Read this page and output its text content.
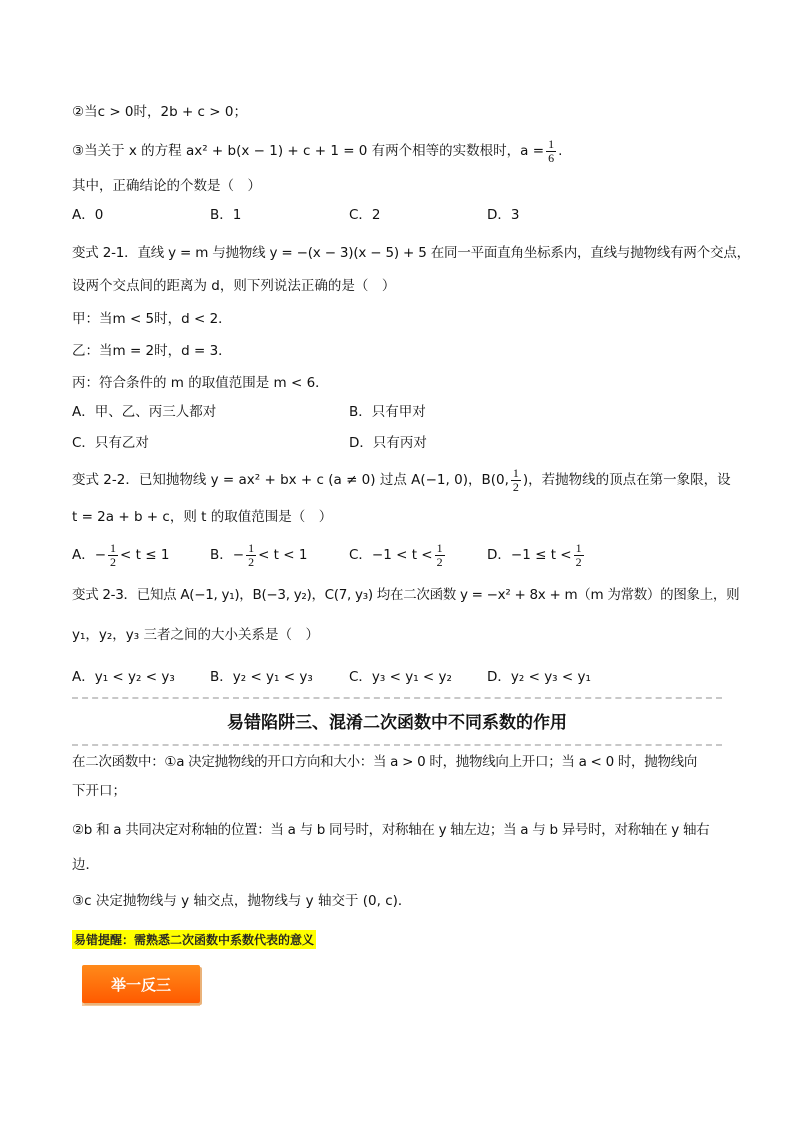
②当c > 0时，2b + c > 0；
③当关于 x 的方程 ax² + b(x − 1) + c + 1 = 0 有两个相等的实数根时，$a = \frac{1}{6}$ .
其中，正确结论的个数是（　）
A．0	B．1	C．2	D．3
变式 2-1．直线 y = m 与抛物线 y = −(x − 3)(x − 5) + 5 在同一平面直角坐标系内，直线与抛物线有两个交点，
设两个交点间的距离为 d，则下列说法正确的是（　）
甲：当m < 5时，d < 2．
乙：当m = 2时，d = 3．
丙：符合条件的 m 的取值范围是 m < 6．
A．甲、乙、丙三人都对	B．只有甲对
C．只有乙对	D．只有丙对
变式 2-2．已知抛物线 y = ax² + bx + c (a ≠ 0) 过点 A(−1, 0)，B(0, $\frac{1}{2}$ )，若抛物线的顶点在第一象限，设
t = 2a + b + c，则 t 的取值范围是（　）
A．− $\frac{1}{2} < t \le 1$	B．− $\frac{1}{2} < t < 1$	C．$-1 < t < \frac{1}{2}$	D．$-1 \le t < \frac{1}{2}$
变式 2-3．已知点 A(−1, y₁)，B(−3, y₂)，C(7, y₃) 均在二次函数 y = −x² + 8x + m（m 为常数）的图象上，则
y₁，y₂，y₃ 三者之间的大小关系是（　）
A．y₁ < y₂ < y₃	B．y₂ < y₁ < y₃	C．y₃ < y₁ < y₂	D．y₂ < y₃ < y₁
易错陷阱三、混淆二次函数中不同系数的作用
在二次函数中：①a 决定抛物线的开口方向和大小：当 a > 0 时，抛物线向上开口；当 a < 0 时，抛物线向
下开口；
②b 和 a 共同决定对称轴的位置：当 a 与 b 同号时，对称轴在 y 轴左边；当 a 与 b 异号时，对称轴在 y 轴右
边．
③c 决定抛物线与 y 轴交点，抛物线与 y 轴交于 (0, c)．
易错提醒：需熟悉二次函数中系数代表的意义
举一反三
